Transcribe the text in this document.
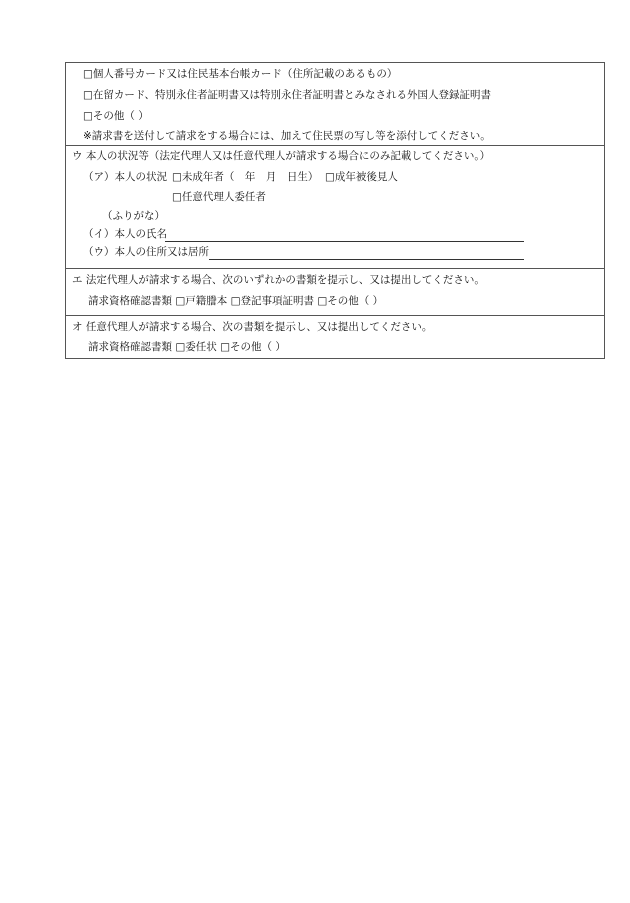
□個人番号カード又は住民基本台帳カード（住所記載のあるもの）
□在留カード、特別永住者証明書又は特別永住者証明書とみなされる外国人登録証明書
□その他（ ）
※請求書を送付して請求をする場合には、加えて住民票の写し等を添付してください。
ウ 本人の状況等（法定代理人又は任意代理人が請求する場合にのみ記載してください。）
（ア）本人の状況 □未成年者（　年　月　日生） □成年被後見人
□任意代理人委任者
（ふりがな）
（イ）本人の氏名
（ウ）本人の住所又は居所
エ 法定代理人が請求する場合、次のいずれかの書類を提示し、又は提出してください。
請求資格確認書類 □戸籍謄本 □登記事項証明書 □その他（ ）
オ 任意代理人が請求する場合、次の書類を提示し、又は提出してください。
請求資格確認書類 □委任状 □その他（ ）
